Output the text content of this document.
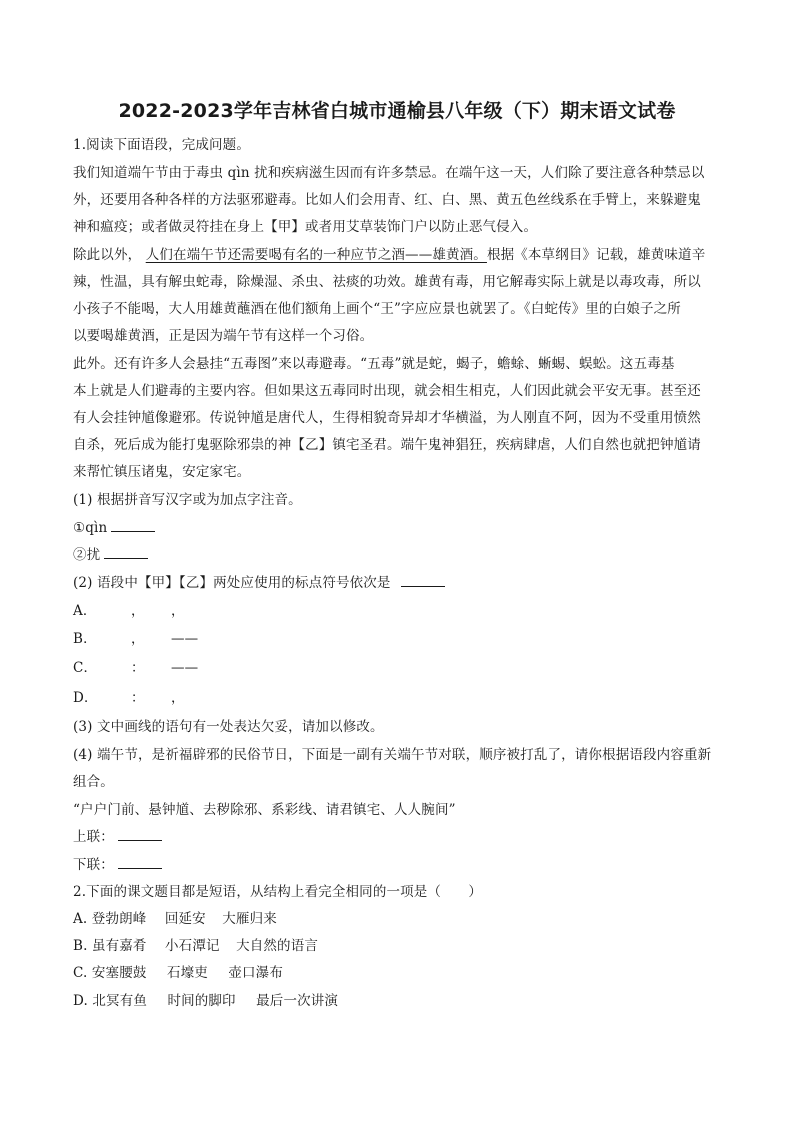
2022-2023学年吉林省白城市通榆县八年级（下）期末语文试卷
1.阅读下面语段，完成问题。
我们知道端午节由于毒虫 qìn 扰和疾病滋生因而有许多禁忌。在端午这一天，人们除了要注意各种禁忌以
外，还要用各种各样的方法驱邪避毒。比如人们会用青、红、白、黑、黄五色丝线系在手臂上，来躲避鬼
神和瘟疫；或者做灵符挂在身上【甲】或者用艾草装饰门户以防止恶气侵入。
除此以外， 人们在端午节还需要喝有名的一种应节之酒——雄黄酒。根据《本草纲目》记载，雄黄味道辛
辣，性温，具有解虫蛇毒，除燥湿、杀虫、祛痰的功效。雄黄有毒，用它解毒实际上就是以毒攻毒，所以
小孩子不能喝，大人用雄黄蘸酒在他们额角上画个“王”字应应景也就罢了。《白蛇传》里的白娘子之所
以要喝雄黄酒，正是因为端午节有这样一个习俗。
此外。还有许多人会悬挂“五毒图”来以毒避毒。“五毒”就是蛇，蝎子，蟾蜍、蜥蜴、蜈蚣。这五毒基
本上就是人们避毒的主要内容。但如果这五毒同时出现，就会相生相克，人们因此就会平安无事。甚至还
有人会挂钟馗像避邪。传说钟馗是唐代人，生得相貌奇异却才华横溢，为人刚直不阿，因为不受重用愤然
自杀，死后成为能打鬼驱除邪祟的神【乙】镇宅圣君。端午鬼神猖狂，疾病肆虐，人们自然也就把钟馗请
来帮忙镇压诸鬼，安定家宅。
(1) 根据拼音写汉字或为加点字注音。
①qìn
②扰
(2) 语段中【甲】【乙】两处应使用的标点符号依次是
A．	， ，
B．	， ——
C．	： ——
D． ： ，
(3) 文中画线的语句有一处表达欠妥，请加以修改。
(4) 端午节，是祈福辟邪的民俗节日，下面是一副有关端午节对联，顺序被打乱了，请你根据语段内容重新
组合。
“户户门前、悬钟馗、去秽除邪、系彩线、请君镇宅、人人腕间”
上联：
下联：
2.下面的课文题目都是短语，从结构上看完全相同的一项是（　　）
A. 登勃朗峰 回延安 大雁归来
B. 虽有嘉肴 小石潭记 大自然的语言
C. 安塞腰鼓 石壕吏 壶口瀑布
D. 北冥有鱼 时间的脚印 最后一次讲演
